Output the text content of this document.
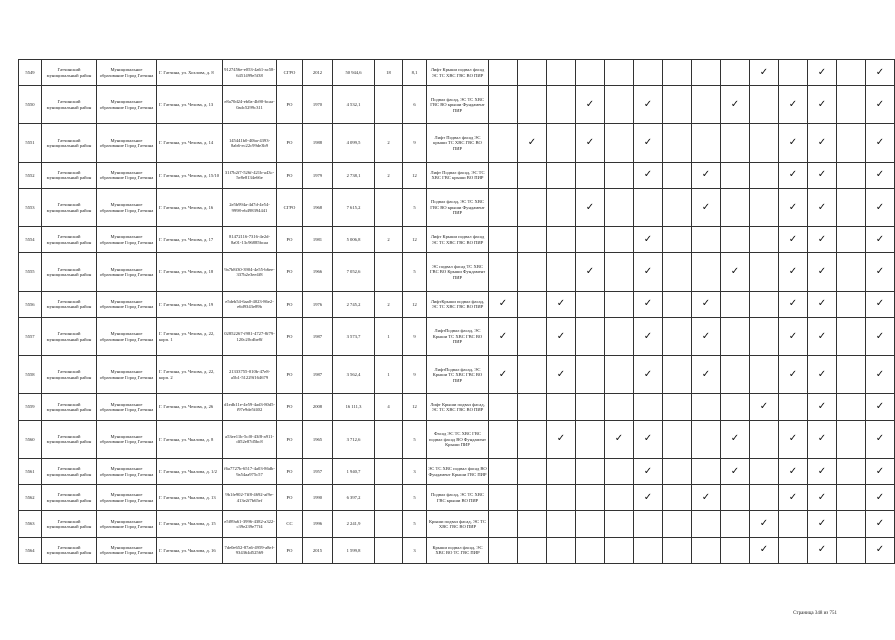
5549	Гатчинский муниципальный район	Муниципальное образование Город Гатчина	Г. Гатчина, ул. Хохлова, д. 8	9127456e-e053-4a61-ac58-6451499e5f38	СГРО	2012	50 944,6	18	8,1	Лифт Крыши подвал фасад ЭС ТС ХВС ГВС ВО ПИР										✓		✓		✓
5550	Гатчинский муниципальный район	Муниципальное образование Город Гатчина	Г. Гатчина, ул. Чехова, д. 13	e8a70d24-eb0a-4b90-bcaa-0adc5299c311	РО	1970	4 532,1		6	Подвал фасад, ЭС ТС ХВС ГВС ВО крыши Фундамент ПИР				✓		✓			✓		✓	✓		✓
5551	Гатчинский муниципальный район	Муниципальное образование Город Гатчина	Г. Гатчина, ул. Чехова, д. 14	145441b0-40ba-4393-8ab6-ec22c99de3b9	РО	1988	4 099,5	2	9	Лифт Подвал фасад ЭС крыши ТС ХВС ГВС ВО ПИР		✓		✓		✓					✓	✓		✓
5552	Гатчинский муниципальный район	Муниципальное образование Город Гатчина	Г. Гатчина, ул. Чехова, д. 15/10	31f7b2f7-526f-421b-a43c-5e8e8134e66e	РО	1979	2 738,1	2	12	Лифт Подвал фасад, ЭС ТС ХВС ГВС крыши ВО ПИР						✓		✓			✓	✓		✓
5553	Гатчинский муниципальный район	Муниципальное образование Город Гатчина	Г. Гатчина, ул. Чехова, д. 16	2e5b994a-4d7d-4e54-9998-eb498394441	СГРО	1968	7 615,2		5	Подвал фасад, ЭС ТС ХВС ГВС ВО крыши Фундамент ПИР				✓				✓			✓	✓		✓
5554	Гатчинский муниципальный район	Муниципальное образование Город Гатчина	Г. Гатчина, ул. Чехова, д. 17	81472116-7316-4e2d-8a01-13c96885bcaa	РО	1981	5 006,8	2	12	Лифт Крыши подвал фасад ЭС ТС ХВС ГВС ВО ПИР						✓					✓	✓		✓
5555	Гатчинский муниципальный район	Муниципальное образование Город Гатчина	Г. Гатчина, ул. Чехова, д. 18	9a7b8f30-3904-4e55-b6ee-337b2e3ee4f8	РО	1966	7 052,6		5	ЭС подвал фасад ТС ХВС ГВС ВО Крыши Фундамент ПИР				✓		✓			✓		✓	✓		✓
5556	Гатчинский муниципальный район	Муниципальное образование Город Гатчина	Г. Гатчина, ул. Чехова, д. 19	e5deb54-6aa0-4023-86e2-e6d9343e89b	РО	1976	2 745,2	2	12	ЛифтКрыши подвал фасад, ЭС ТС ХВС ГВС ВО ПИР	✓		✓			✓		✓			✓	✓		✓
5557	Гатчинский муниципальный район	Муниципальное образование Город Гатчина	Г. Гатчина, ул. Чехова, д. 22, корп. 1	02852267-f981-4727-8f79-120c20cdbe8f	РО	1987	3 573,7	1	9	ЛифтПодвал фасад, ЭС Крыши ТС ХВС ГВС ВО ПИР	✓		✓			✓		✓			✓	✓		✓
5558	Гатчинский муниципальный район	Муниципальное образование Город Гатчина	Г. Гатчина, ул. Чехова, д. 22, корп. 2	21333755-010b-47e8-a5b1-51229f164679	РО	1987	3 562,4	1	9	ЛифтПодвал фасад, ЭС Крыши ТС ХВС ГВС ВО ПИР	✓		✓			✓		✓			✓	✓		✓
5559	Гатчинский муниципальный район	Муниципальное образование Город Гатчина	Г. Гатчина, ул. Чехова, д. 26	d1edb11e-4e59-4ad3-80d5-f97e9de5f402	РО	2008	16 111,3	4	12	Лифт Крыши подвал фасад, ЭС ТС ХВС ГВС ВО ПИР										✓		✓		✓
5560	Гатчинский муниципальный район	Муниципальное образование Город Гатчина	Г. Гатчина, ул. Чкалова, д. 8	a53ee11b-5cf0-43f8-a911-df52e87d5bc8	РО	1965	3 712,6		5	Фасад ЭС ТС ХВС ГВС подвал фасад ВО Фундамент Крыши ПИР			✓		✓	✓			✓		✓	✓		✓
5561	Гатчинский муниципальный район	Муниципальное образование Город Гатчина	Г. Гатчина, ул. Чкалова, д. 1/2	f6a7727b-6517-4a03-86db-9a54aa975c57	РО	1957	1 940,7		3	ЭС ТС ХВС подвал фасад ВО Фундамент Крыши ГВС ПИР						✓			✓		✓	✓		✓
5562	Гатчинский муниципальный район	Муниципальное образование Город Гатчина	Г. Гатчина, ул. Чкалова, д. 13	9b1fe902-7ff8-4692-af9e-413e2f7b65ef	РО	1990	6 397,2		5	Подвал фасад, ЭС ТС ХВС ГВС крыши ВО ПИР						✓		✓			✓	✓		✓
5563	Гатчинский муниципальный район	Муниципальное образование Город Гатчина	Г. Гатчина, ул. Чкалова, д. 15	e5f89a61-3996-4382-a322-c39e239e77f4	СС	1996	2 241,9		5	Крыши подвал фасад, ЭС ТС ХВС ГВС ВО ПИР										✓		✓		✓
5564	Гатчинский муниципальный район	Муниципальное образование Город Гатчина	Г. Гатчина, ул. Чкалова, д. 16	7de0e652-87a6-4959-a8ef-934364d52569	РО	2015	1 599,8		3	Крыши подвал фасад, ЭС ХВС ВО ТС ГВС ПИР										✓		✓		✓
Страница 348 из 751
